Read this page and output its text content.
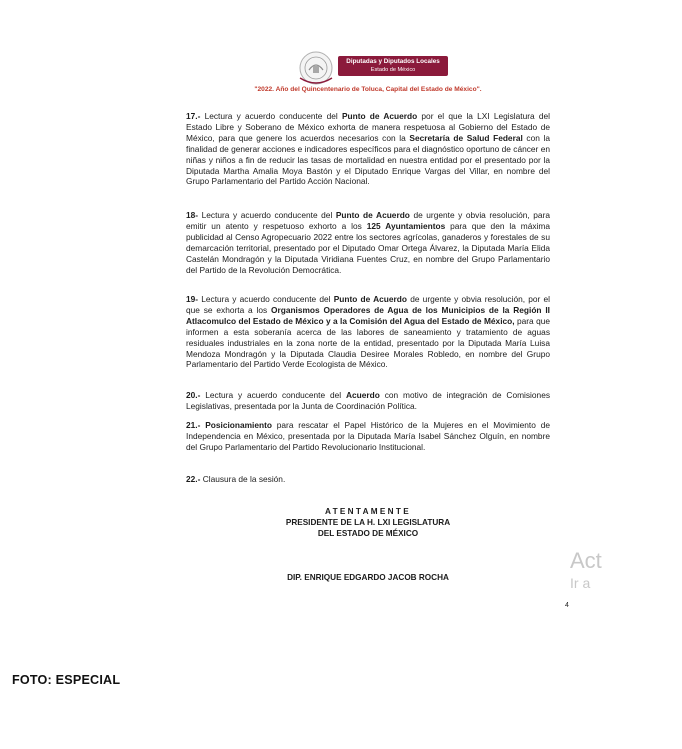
Diputadas y Diputados Locales
Estado de México
"2022. Año del Quincentenario de Toluca, Capital del Estado de México".
17.- Lectura y acuerdo conducente del Punto de Acuerdo por el que la LXI Legislatura del Estado Libre y Soberano de México exhorta de manera respetuosa al Gobierno del Estado de México, para que genere los acuerdos necesarios con la Secretaría de Salud Federal con la finalidad de generar acciones e indicadores específicos para el diagnóstico oportuno de cáncer en niñas y niños a fin de reducir las tasas de mortalidad en nuestra entidad por el presentado por la Diputada Martha Amalia Moya Bastón y el Diputado Enrique Vargas del Villar, en nombre del Grupo Parlamentario del Partido Acción Nacional.
18- Lectura y acuerdo conducente del Punto de Acuerdo de urgente y obvia resolución, para emitir un atento y respetuoso exhorto a los 125 Ayuntamientos para que den la máxima publicidad al Censo Agropecuario 2022 entre los sectores agrícolas, ganaderos y forestales de su demarcación territorial, presentado por el Diputado Omar Ortega Álvarez, la Diputada María Elida Castelán Mondragón y la Diputada Viridiana Fuentes Cruz, en nombre del Grupo Parlamentario del Partido de la Revolución Democrática.
19- Lectura y acuerdo conducente del Punto de Acuerdo de urgente y obvia resolución, por el que se exhorta a los Organismos Operadores de Agua de los Municipios de la Región II Atlacomulco del Estado de México y a la Comisión del Agua del Estado de México, para que informen a esta soberanía acerca de las labores de saneamiento y tratamiento de aguas residuales industriales en la zona norte de la entidad, presentado por la Diputada María Luisa Mendoza Mondragón y la Diputada Claudia Desiree Morales Robledo, en nombre del Grupo Parlamentario del Partido Verde Ecologista de México.
20.- Lectura y acuerdo conducente del Acuerdo con motivo de integración de Comisiones Legislativas, presentada por la Junta de Coordinación Política.
21.- Posicionamiento para rescatar el Papel Histórico de la Mujeres en el Movimiento de Independencia en México, presentada por la Diputada María Isabel Sánchez Olguín, en nombre del Grupo Parlamentario del Partido Revolucionario Institucional.
22.- Clausura de la sesión.
ATENTAMENTE
PRESIDENTE DE LA H. LXI LEGISLATURA
DEL ESTADO DE MÉXICO
DIP. ENRIQUE EDGARDO JACOB ROCHA
Act
Ir a
4
FOTO: ESPECIAL
